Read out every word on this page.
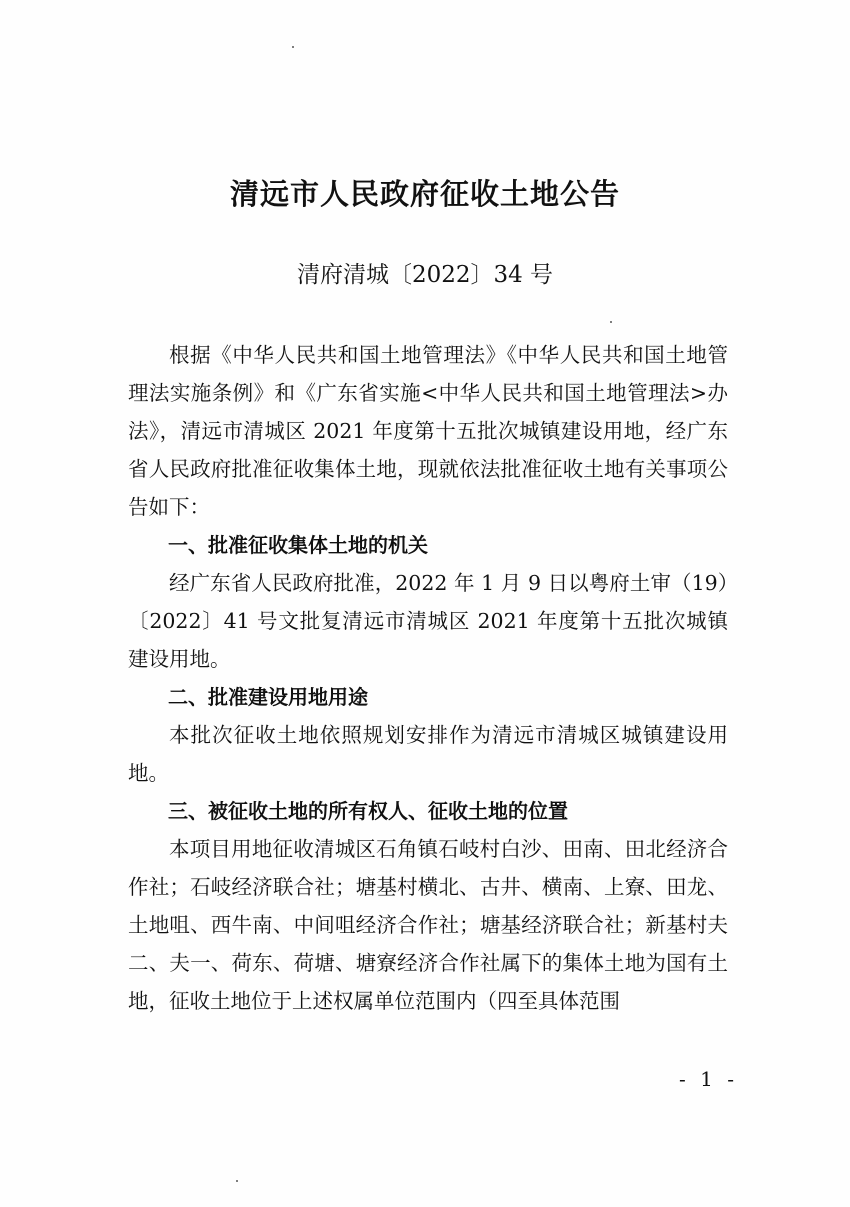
清远市人民政府征收土地公告
清府清城〔2022〕34 号

根据《中华人民共和国土地管理法》《中华人民共和国土地管理法实施条例》和《广东省实施<中华人民共和国土地管理法>办法》，清远市清城区 2021 年度第十五批次城镇建设用地，经广东省人民政府批准征收集体土地，现就依法批准征收土地有关事项公告如下：

一、批准征收集体土地的机关

经广东省人民政府批准，2022 年 1 月 9 日以粤府土审（19）〔2022〕41 号文批复清远市清城区 2021 年度第十五批次城镇建设用地。

二、批准建设用地用途

本批次征收土地依照规划安排作为清远市清城区城镇建设用地。

三、被征收土地的所有权人、征收土地的位置

本项目用地征收清城区石角镇石岐村白沙、田南、田北经济合作社；石岐经济联合社；塘基村横北、古井、横南、上寮、田龙、土地咀、西牛南、中间咀经济合作社；塘基经济联合社；新基村夫二、夫一、荷东、荷塘、塘寮经济合作社属下的集体土地为国有土地，征收土地位于上述权属单位范围内（四至具体范围

- 1 -
